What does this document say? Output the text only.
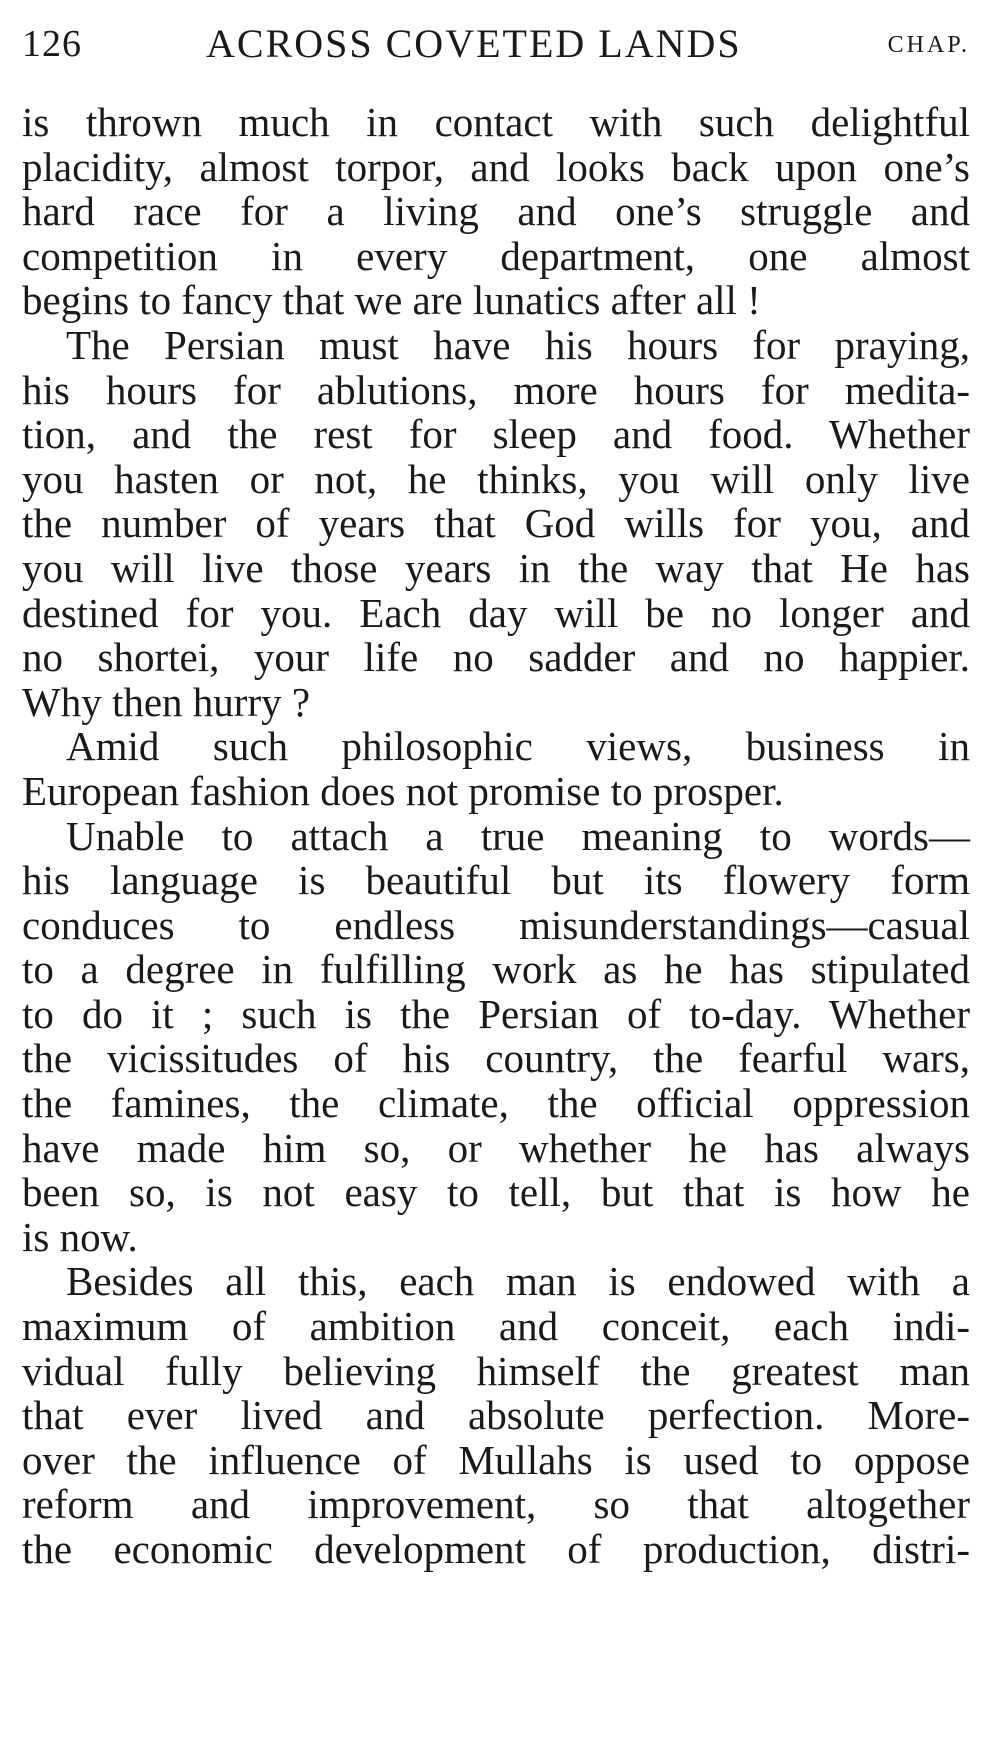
126	ACROSS COVETED LANDS	CHAP.
is thrown much in contact with such delightful
placidity, almost torpor, and looks back upon one’s
hard race for a living and one’s struggle and
competition in every department, one almost
begins to fancy that we are lunatics after all !
The Persian must have his hours for praying,
his hours for ablutions, more hours for medita-
tion, and the rest for sleep and food. Whether
you hasten or not, he thinks, you will only live
the number of years that God wills for you, and
you will live those years in the way that He has
destined for you. Each day will be no longer and
no shortei, your life no sadder and no happier.
Why then hurry ?
Amid such philosophic views, business in
European fashion does not promise to prosper.
Unable to attach a true meaning to words—
his language is beautiful but its flowery form
conduces to endless misunderstandings—casual
to a degree in fulfilling work as he has stipulated
to do it ; such is the Persian of to-day. Whether
the vicissitudes of his country, the fearful wars,
the famines, the climate, the official oppression
have made him so, or whether he has always
been so, is not easy to tell, but that is how he
is now.
Besides all this, each man is endowed with a
maximum of ambition and conceit, each indi-
vidual fully believing himself the greatest man
that ever lived and absolute perfection. More-
over the influence of Mullahs is used to oppose
reform and improvement, so that altogether
the economic development of production, distri-
